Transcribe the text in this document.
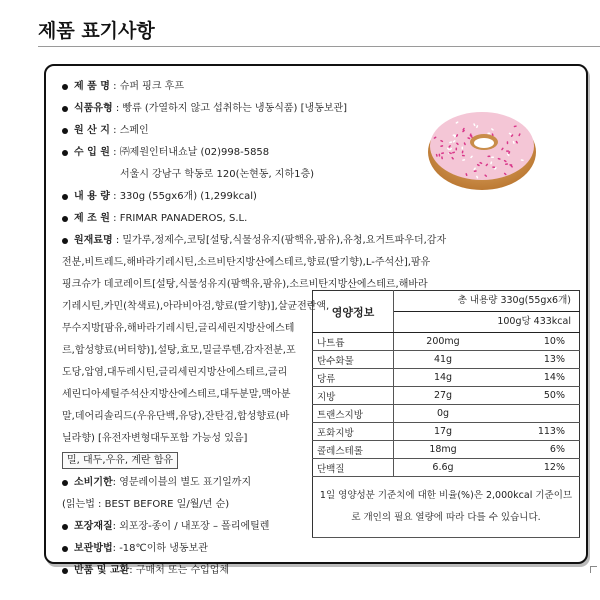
제품 표기사항
제 품 명 : 슈퍼 핑크 후프
식품유형 : 빵류 (가열하지 않고 섭취하는 냉동식품) [냉동보관]
원 산 지 : 스페인
수 입 원 : ㈜제원인터내쇼날 (02)998-5858
서울시 강남구 학동로 120(논현동, 지하1층)
내 용 량 : 330g (55gx6개) (1,299kcal)
제 조 원 : FRIMAR PANADEROS, S.L.
원재료명 : 밀가루,정제수,코팅[설탕,식물성유지(팜핵유,팜유),유청,요거트파우더,감자
전분,비트레드,해바라기레시틴,소르비탄지방산에스테르,향료(딸기향),L-주석산],팜유
핑크슈가 데코레이트[설탕,식물성유지(팜핵유,팜유),소르비탄지방산에스테르,해바라
기레시틴,카민(착색료),아라비아검,향료(딸기향)],살균전란액,
무수지방[팜유,해바라기레시틴,글리세린지방산에스테
르,합성향료(버터향)],설탕,효모,밀글루텐,감자전분,포
도당,압염,대두레시틴,글리세린지방산에스테르,글리
세린디아세틸주석산지방산에스테르,대두분말,맥아분
말,데어리솔리드(우유단백,유당),잔탄검,합성향료(바
닐라향) [유전자변형대두포함 가능성 있음]
밀, 대두,우유, 계란 함유
소비기한: 영문레이블의 별도 표기일까지
(읽는법 : BEST BEFORE 일/월/년 순)
포장재질: 외포장-종이 / 내포장 – 폴리에틸렌
보관방법: -18℃이하 냉동보관
반품 및 교환: 구매처 또는 수입업체
영양정보	총 내용량 330g(55gx6개)	
	100g당 433kcal	
나트륨	200mg	10%
탄수화물	41g	13%
당류	14g	14%
지방	27g	50%
트랜스지방	0g	
포화지방	17g	113%
콜레스테롤	18mg	6%
단백질	6.6g	12%
1일 영양성분 기준치에 대한 비율(%)은 2,000kcal 기준이므로 개인의 필요 열량에 따라 다를 수 있습니다.		
